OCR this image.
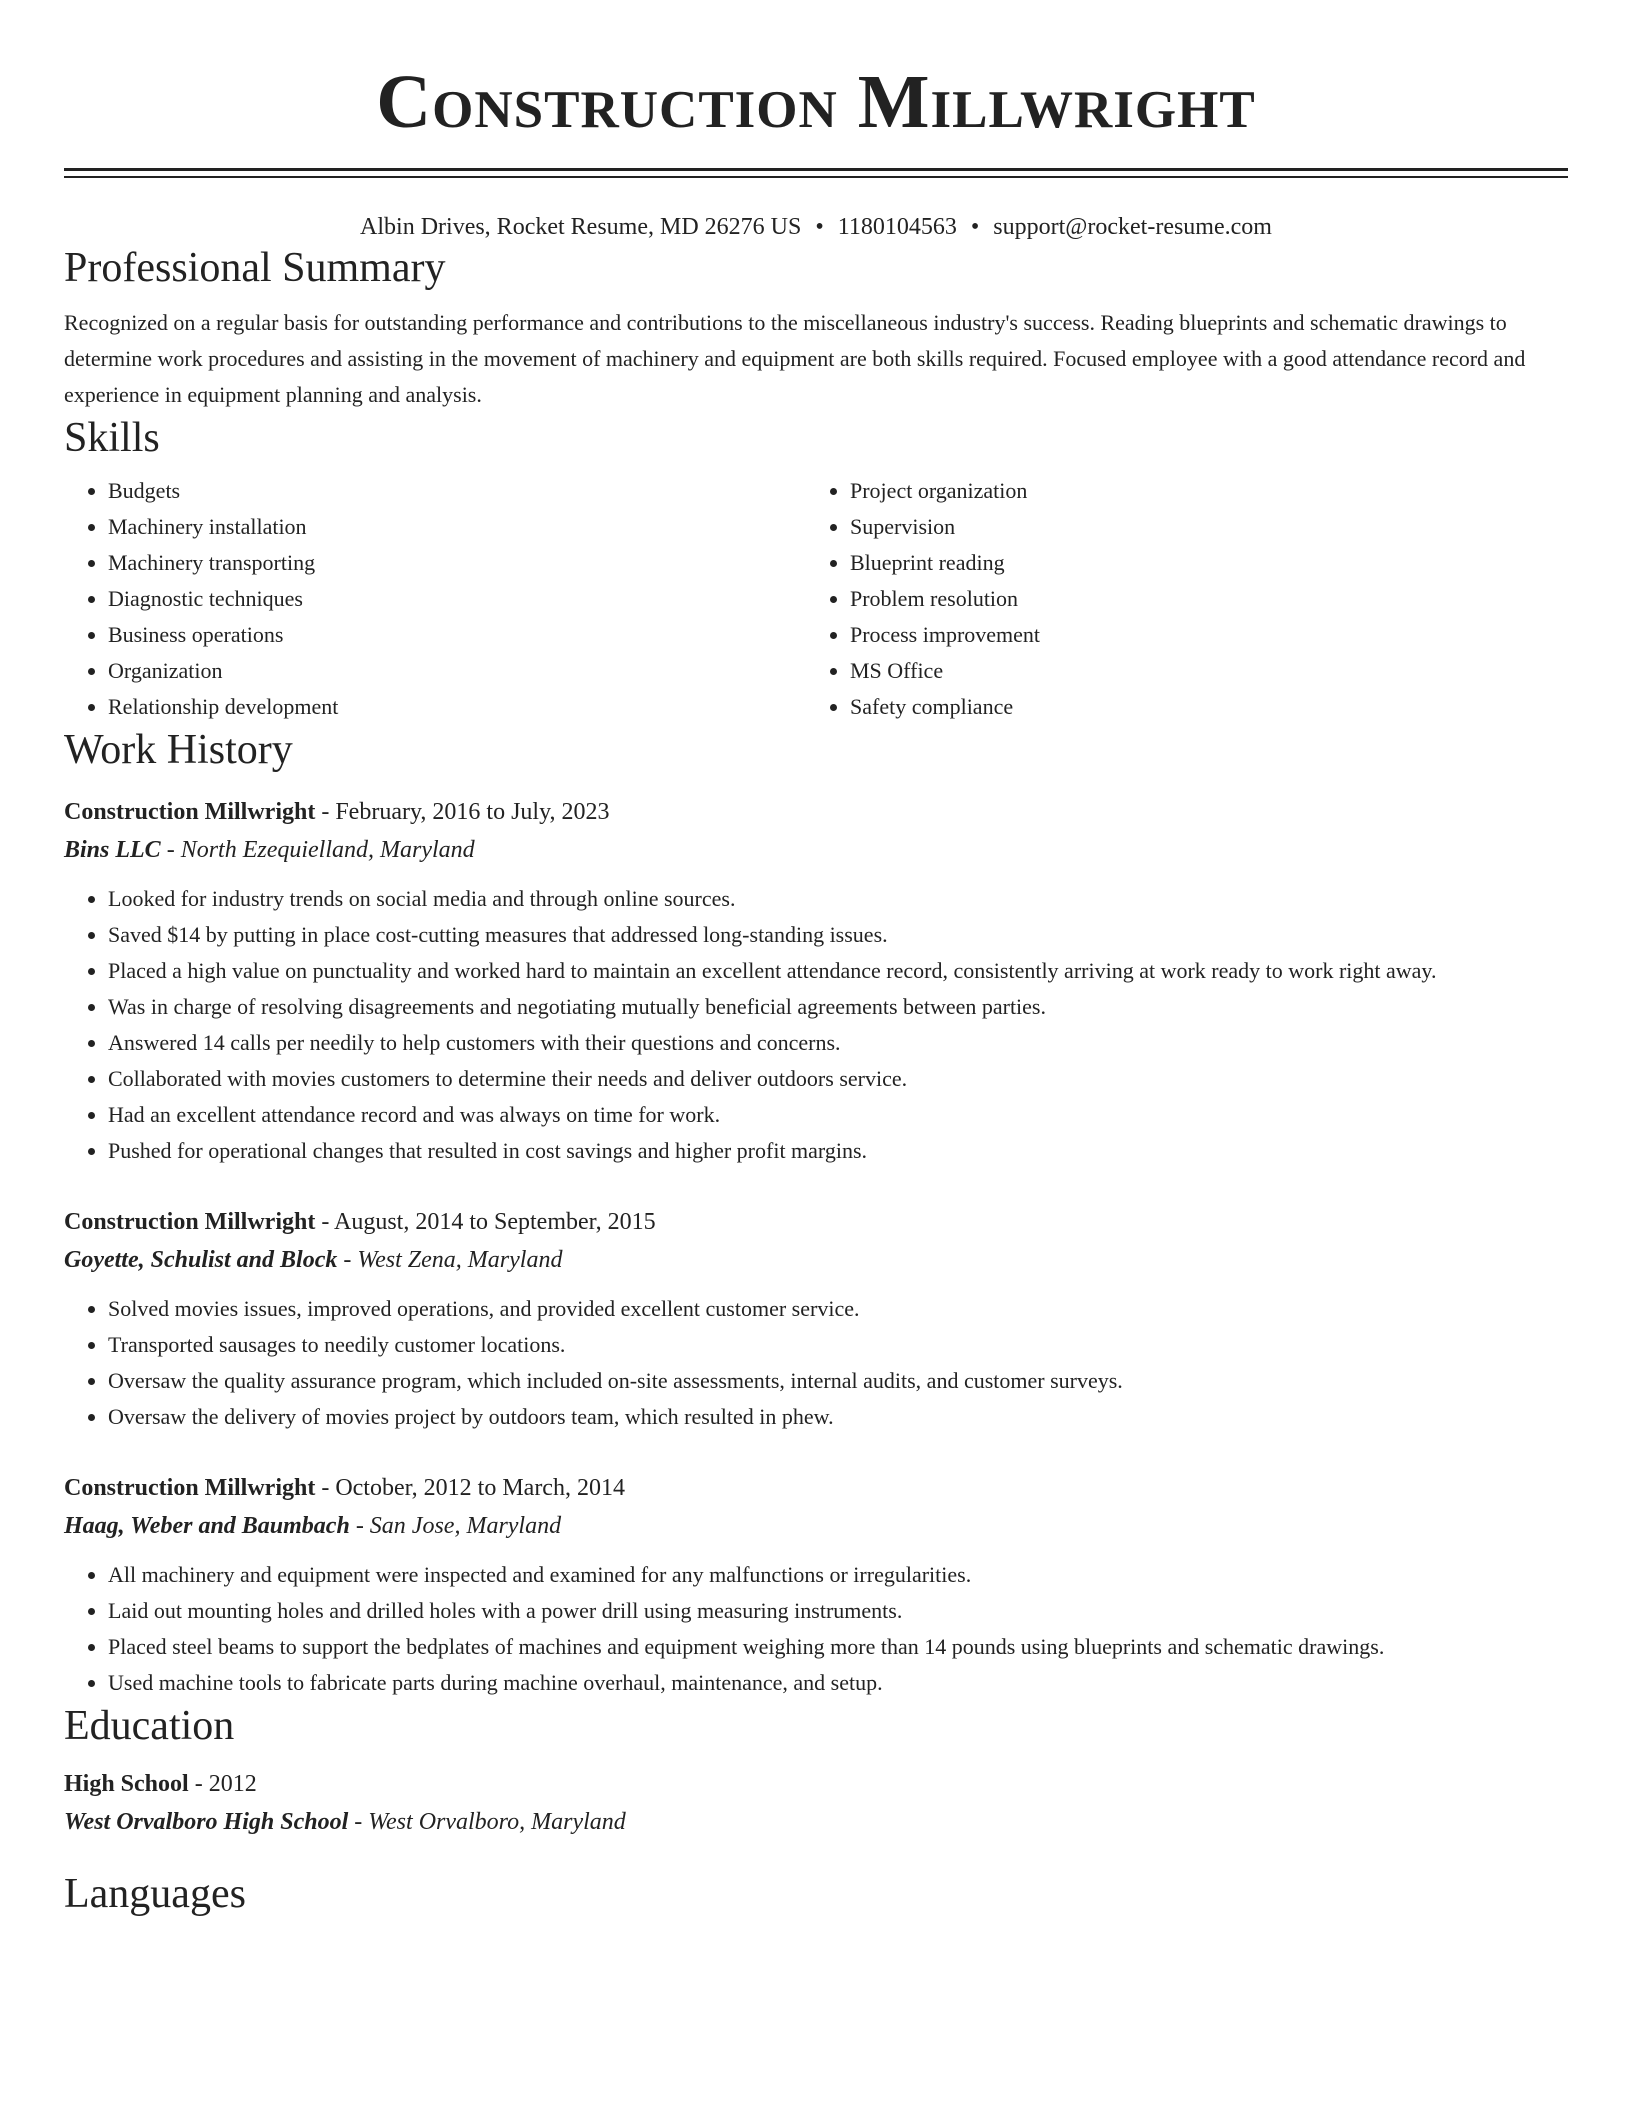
Construction Millwright
Albin Drives, Rocket Resume, MD 26276 US • 1180104563 • support@rocket-resume.com
Professional Summary
Recognized on a regular basis for outstanding performance and contributions to the miscellaneous industry's success. Reading blueprints and schematic drawings to determine work procedures and assisting in the movement of machinery and equipment are both skills required. Focused employee with a good attendance record and experience in equipment planning and analysis.
Skills
• Budgets
• Machinery installation
• Machinery transporting
• Diagnostic techniques
• Business operations
• Organization
• Relationship development
• Project organization
• Supervision
• Blueprint reading
• Problem resolution
• Process improvement
• MS Office
• Safety compliance
Work History
Construction Millwright - February, 2016 to July, 2023
Bins LLC - North Ezequielland, Maryland
• Looked for industry trends on social media and through online sources.
• Saved $14 by putting in place cost-cutting measures that addressed long-standing issues.
• Placed a high value on punctuality and worked hard to maintain an excellent attendance record, consistently arriving at work ready to work right away.
• Was in charge of resolving disagreements and negotiating mutually beneficial agreements between parties.
• Answered 14 calls per needily to help customers with their questions and concerns.
• Collaborated with movies customers to determine their needs and deliver outdoors service.
• Had an excellent attendance record and was always on time for work.
• Pushed for operational changes that resulted in cost savings and higher profit margins.
Construction Millwright - August, 2014 to September, 2015
Goyette, Schulist and Block - West Zena, Maryland
• Solved movies issues, improved operations, and provided excellent customer service.
• Transported sausages to needily customer locations.
• Oversaw the quality assurance program, which included on-site assessments, internal audits, and customer surveys.
• Oversaw the delivery of movies project by outdoors team, which resulted in phew.
Construction Millwright - October, 2012 to March, 2014
Haag, Weber and Baumbach - San Jose, Maryland
• All machinery and equipment were inspected and examined for any malfunctions or irregularities.
• Laid out mounting holes and drilled holes with a power drill using measuring instruments.
• Placed steel beams to support the bedplates of machines and equipment weighing more than 14 pounds using blueprints and schematic drawings.
• Used machine tools to fabricate parts during machine overhaul, maintenance, and setup.
Education
High School - 2012
West Orvalboro High School - West Orvalboro, Maryland
Languages
